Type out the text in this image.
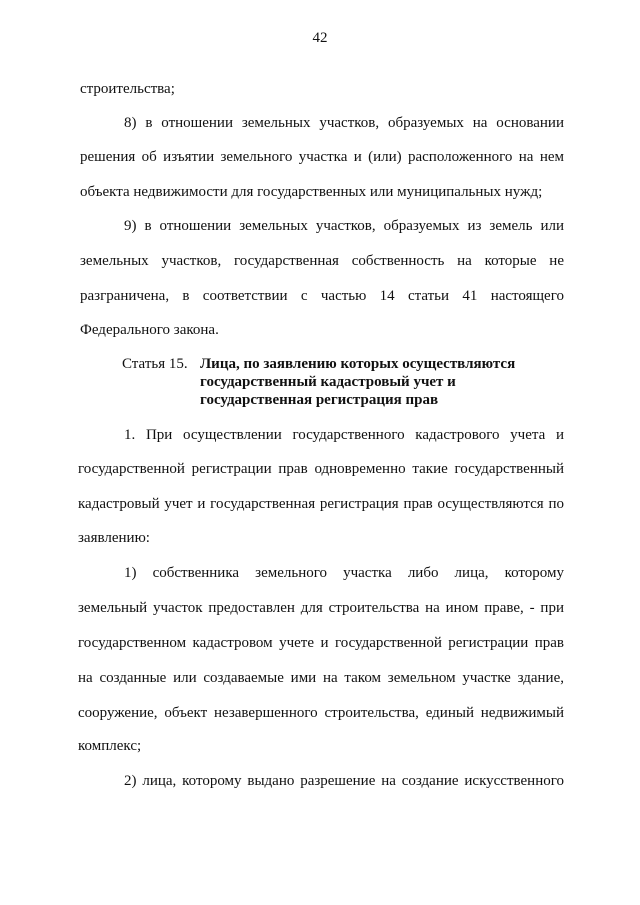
42
строительства;
8) в отношении земельных участков, образуемых на основании
решения об изъятии земельного участка и (или) расположенного на нем
объекта недвижимости для государственных или муниципальных нужд;
9) в отношении земельных участков, образуемых из земель или
земельных участков, государственная собственность на которые не
разграничена, в соответствии с частью 14 статьи 41 настоящего
Федерального закона.
Статья 15. Лица, по заявлению которых осуществляются
государственный кадастровый учет и
государственная регистрация прав
1. При осуществлении государственного кадастрового учета и
государственной регистрации прав одновременно такие государственный
кадастровый учет и государственная регистрация прав осуществляются по
заявлению:
1) собственника земельного участка либо лица, которому
земельный участок предоставлен для строительства на ином праве, - при
государственном кадастровом учете и государственной регистрации прав
на созданные или создаваемые ими на таком земельном участке здание,
сооружение, объект незавершенного строительства, единый недвижимый
комплекс;
2) лица, которому выдано разрешение на создание искусственного
